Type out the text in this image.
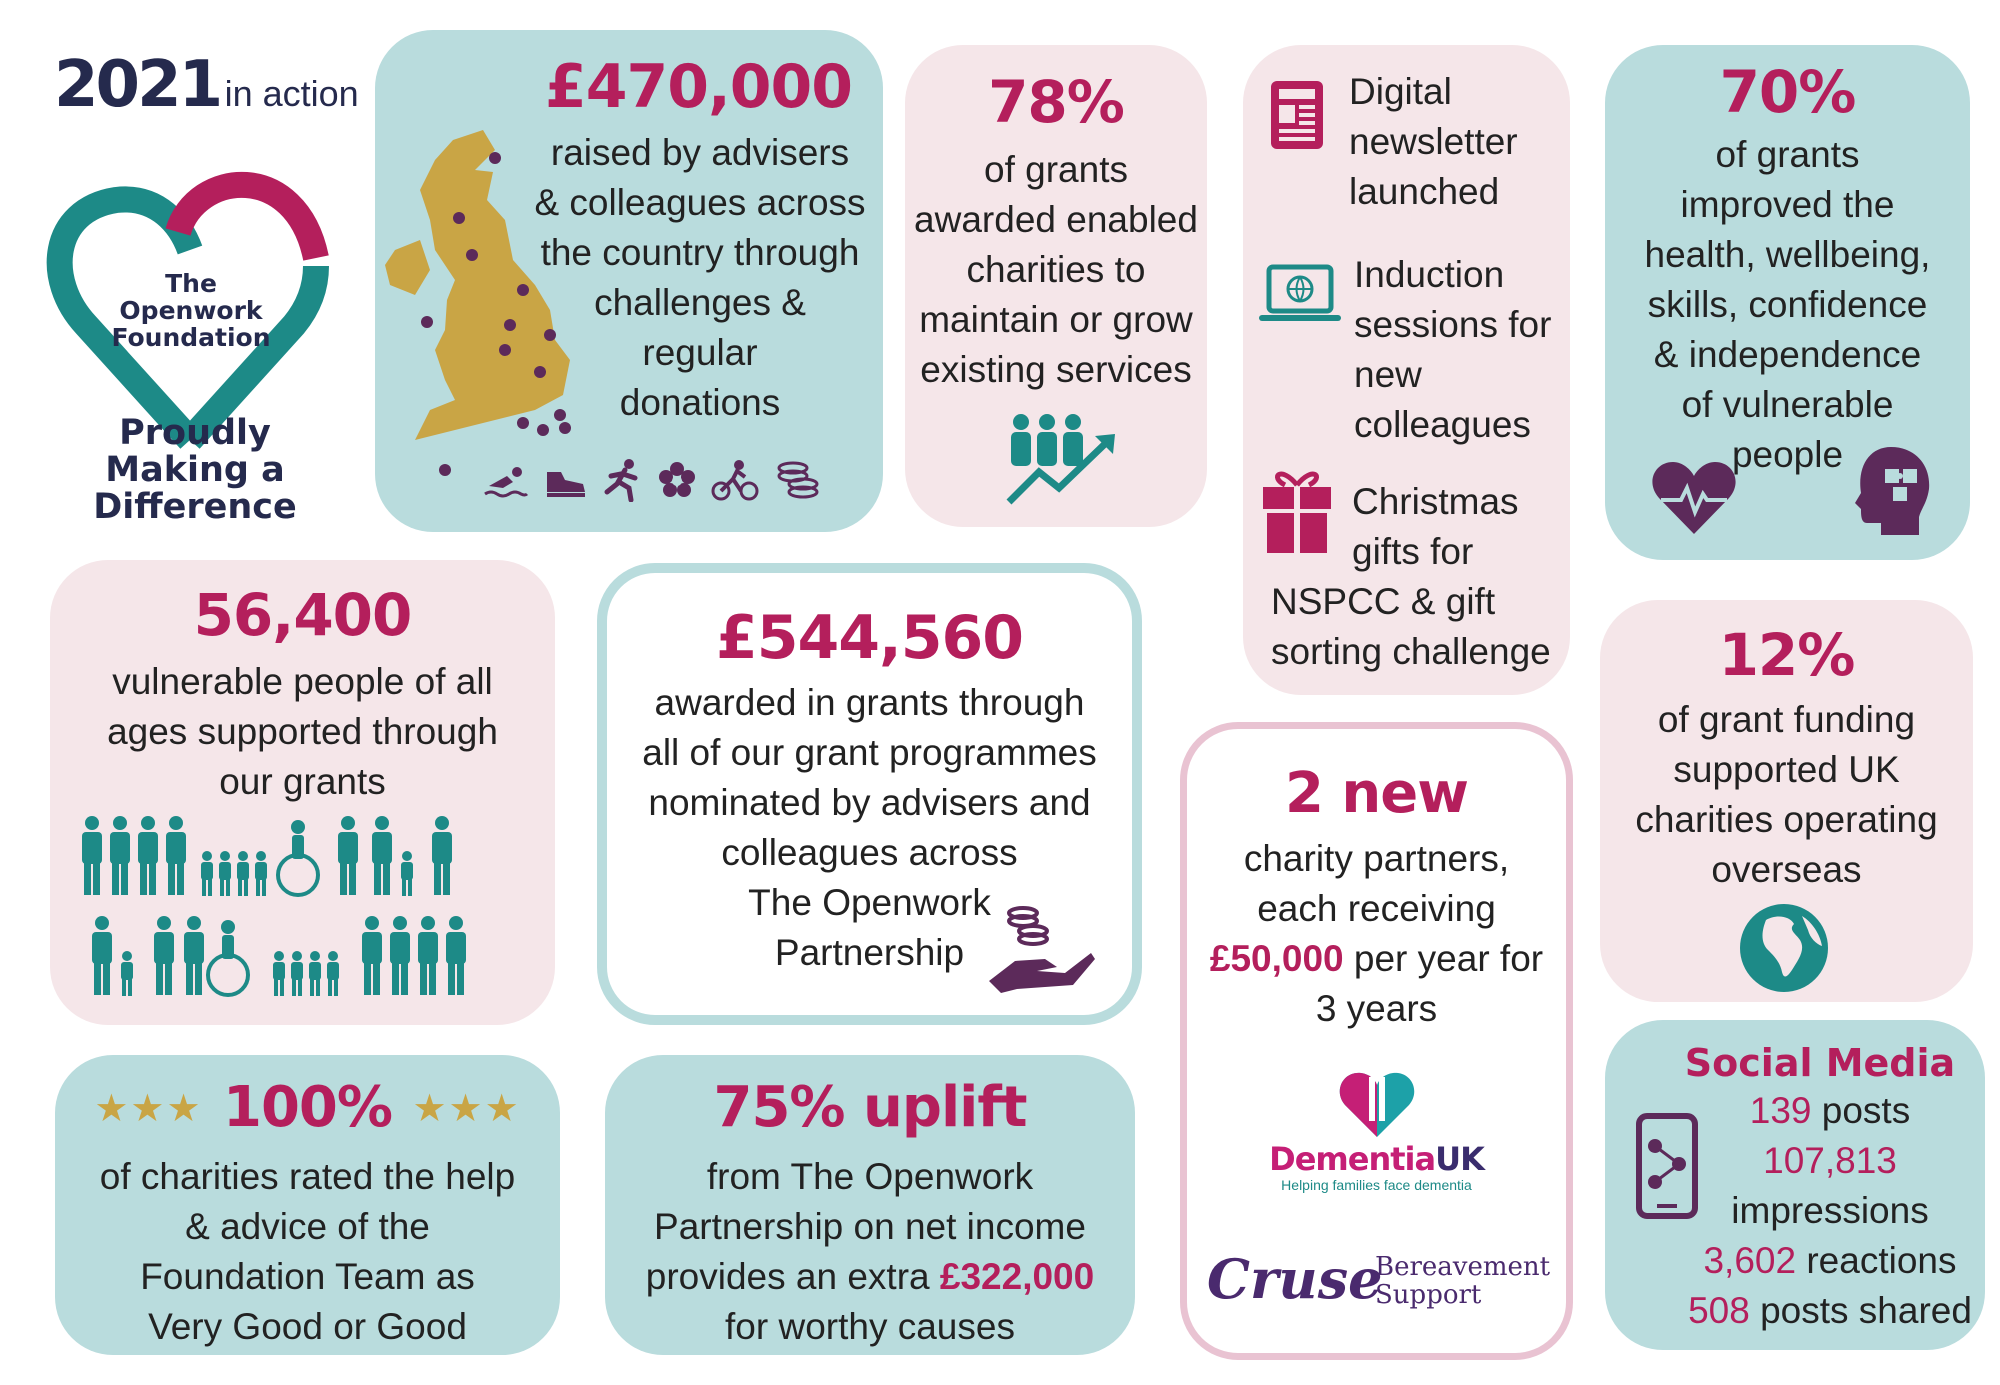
2021 in action
The
Openwork
Foundation
Proudly
Making a
Difference
£470,000
raised by advisers
& colleagues across
the country through
challenges &
regular
donations
78%
of grants
awarded enabled
charities to
maintain or grow
existing services
Digital
newsletter
launched
Induction
sessions for
new
colleagues
Christmas
gifts for
NSPCC & gift
sorting challenge
70%
of grants
improved the
health, wellbeing,
skills, confidence
& independence
of vulnerable
people
56,400
vulnerable people of all
ages supported through
our grants
£544,560
awarded in grants through
all of our grant programmes
nominated by advisers and
colleagues across
The Openwork
Partnership
2 new
charity partners,
each receiving
£50,000 per year for
3 years
DementiaUK
Helping families face dementia
Cruse
Bereavement
Support
12%
of grant funding
supported UK
charities operating
overseas
★★★ 100% ★★★
of charities rated the help
& advice of the
Foundation Team as
Very Good or Good
75% uplift
from The Openwork
Partnership on net income
provides an extra £322,000
for worthy causes
Social Media
139 posts
107,813
impressions
3,602 reactions
508 posts shared
